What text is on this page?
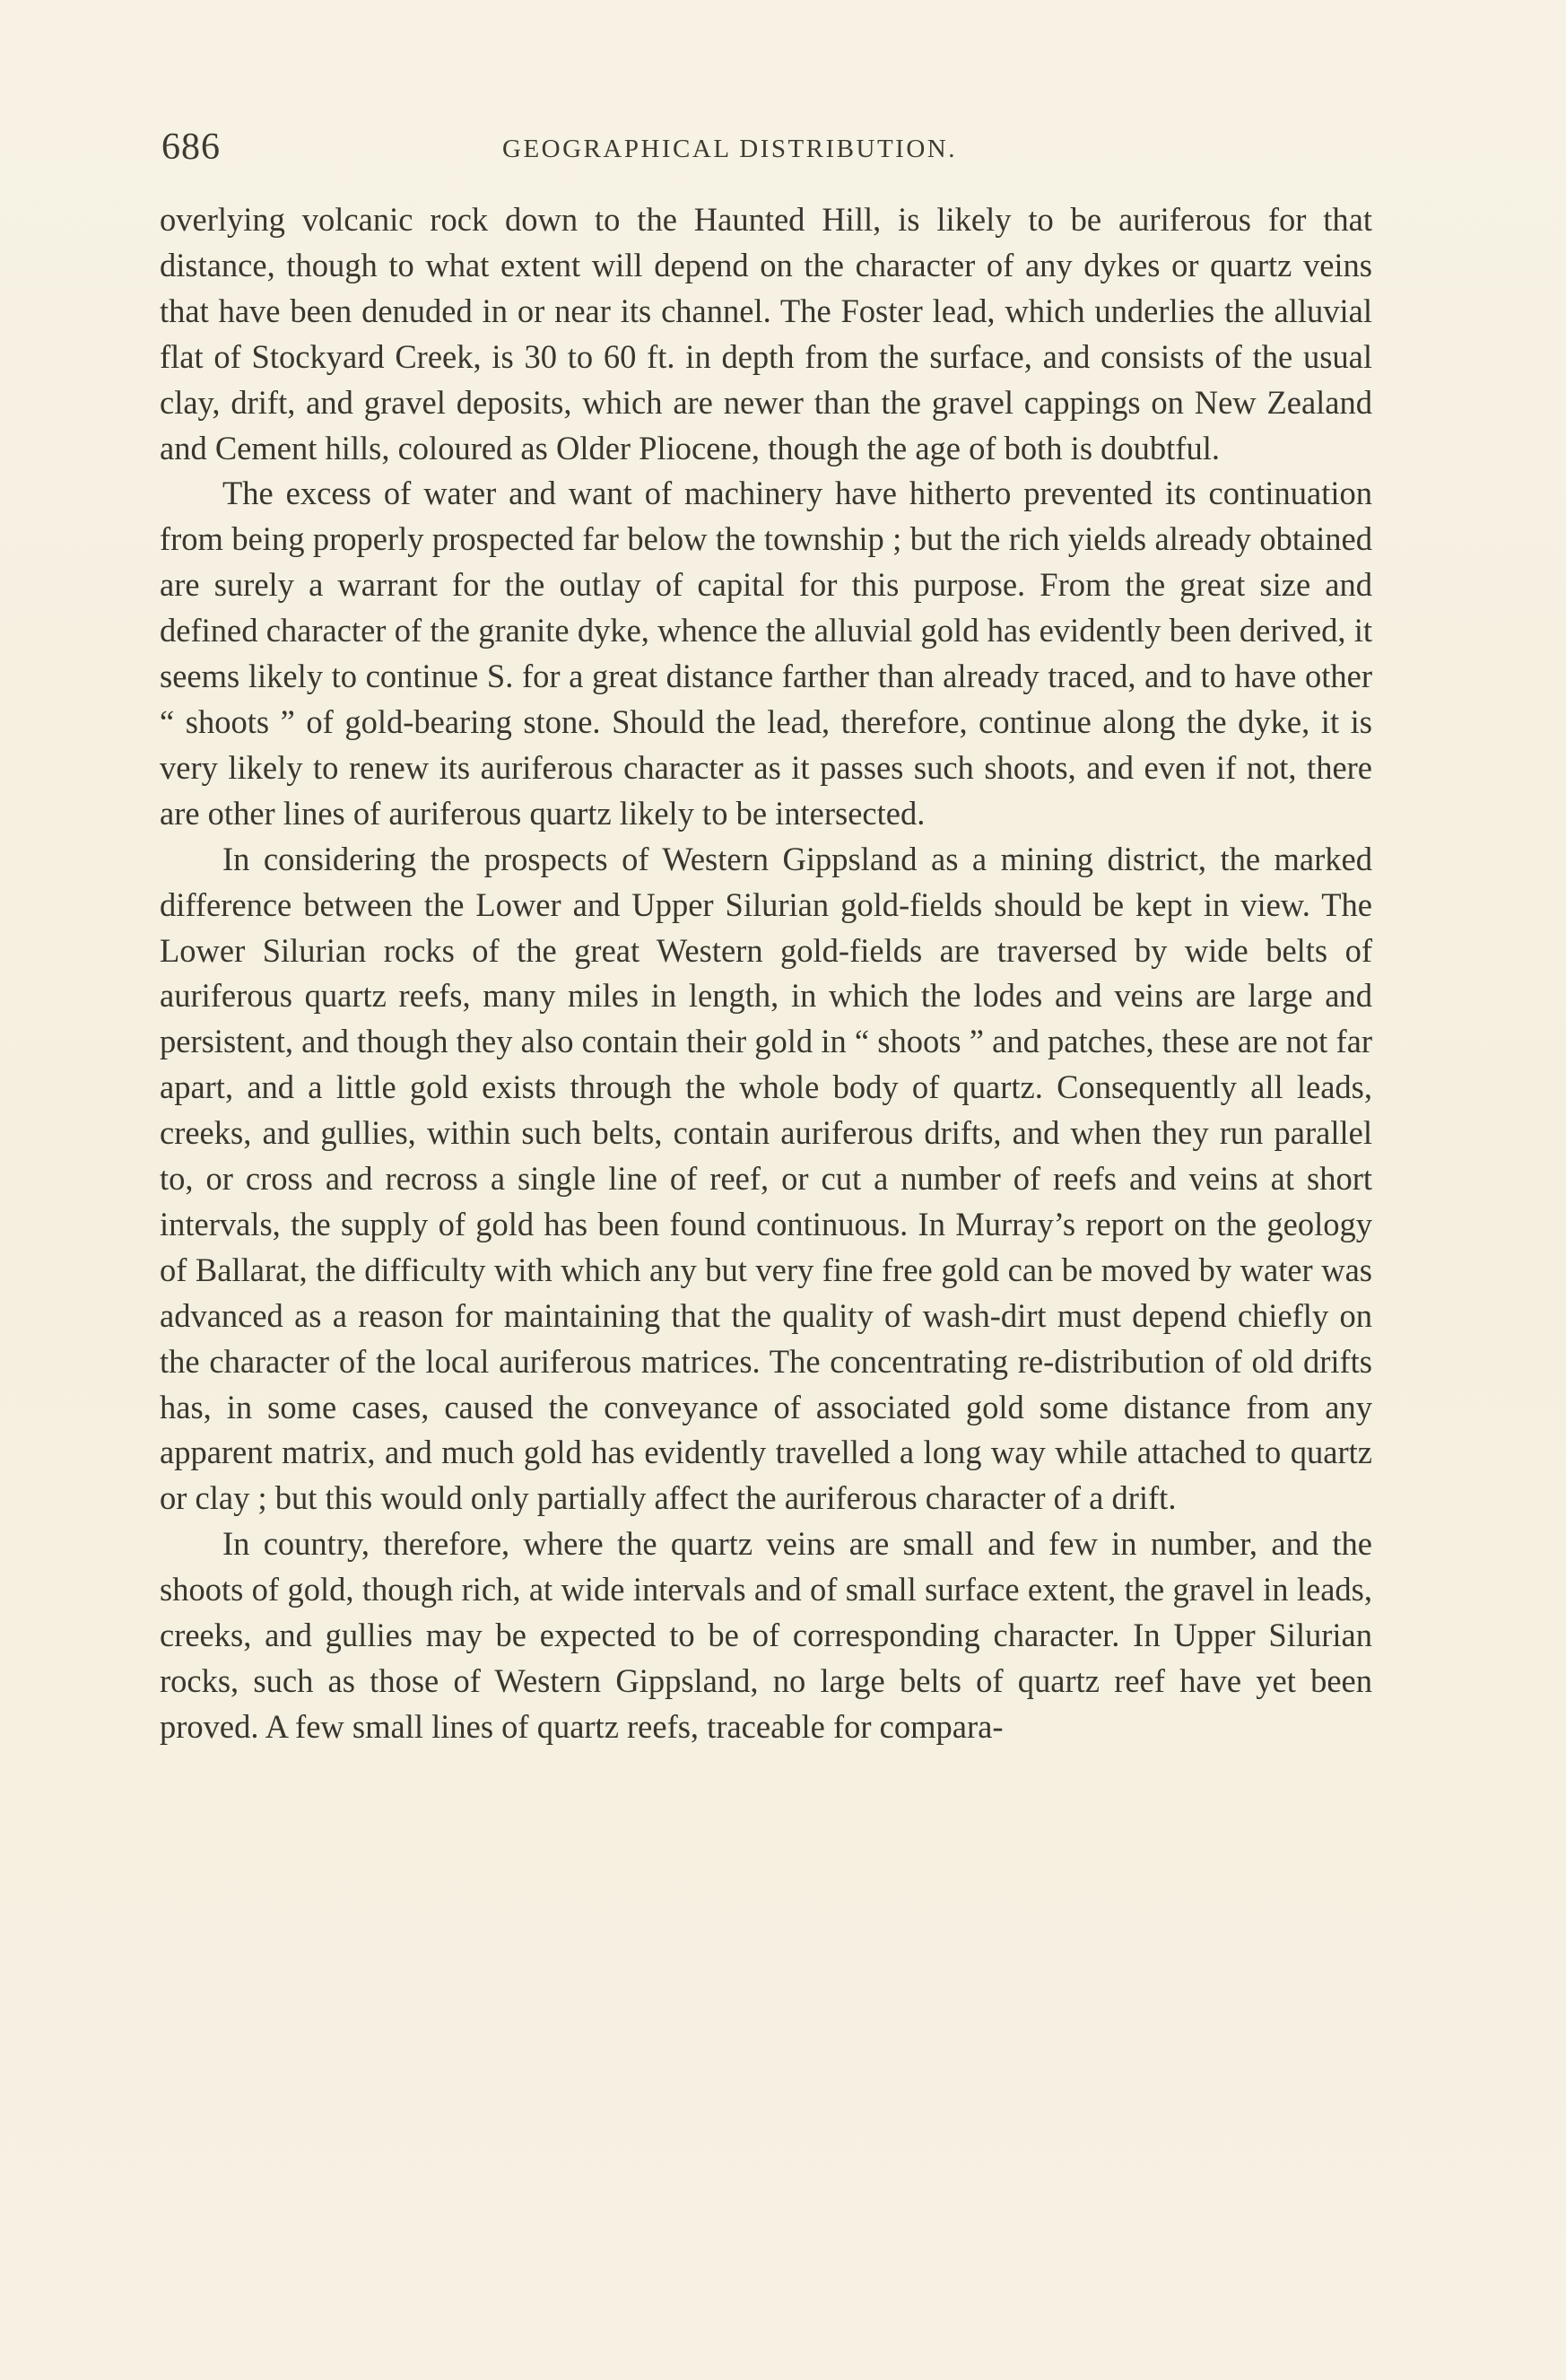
686	GEOGRAPHICAL DISTRIBUTION.

overlying volcanic rock down to the Haunted Hill, is likely to be auriferous for that distance, though to what extent will depend on the character of any dykes or quartz veins that have been denuded in or near its channel. The Foster lead, which underlies the alluvial flat of Stockyard Creek, is 30 to 60 ft. in depth from the surface, and consists of the usual clay, drift, and gravel deposits, which are newer than the gravel cappings on New Zealand and Cement hills, coloured as Older Pliocene, though the age of both is doubtful.

The excess of water and want of machinery have hitherto prevented its continuation from being properly prospected far below the township ; but the rich yields already obtained are surely a warrant for the outlay of capital for this purpose. From the great size and defined character of the granite dyke, whence the alluvial gold has evidently been derived, it seems likely to continue S. for a great distance farther than already traced, and to have other “ shoots ” of gold-bearing stone. Should the lead, therefore, continue along the dyke, it is very likely to renew its auriferous character as it passes such shoots, and even if not, there are other lines of auriferous quartz likely to be intersected.

In considering the prospects of Western Gippsland as a mining district, the marked difference between the Lower and Upper Silurian gold-fields should be kept in view. The Lower Silurian rocks of the great Western gold-fields are traversed by wide belts of auriferous quartz reefs, many miles in length, in which the lodes and veins are large and persistent, and though they also contain their gold in “ shoots ” and patches, these are not far apart, and a little gold exists through the whole body of quartz. Consequently all leads, creeks, and gullies, within such belts, contain auriferous drifts, and when they run parallel to, or cross and recross a single line of reef, or cut a number of reefs and veins at short intervals, the supply of gold has been found continuous. In Murray’s report on the geology of Ballarat, the difficulty with which any but very fine free gold can be moved by water was advanced as a reason for maintaining that the quality of wash-dirt must depend chiefly on the character of the local auriferous matrices. The concentrating re-distribution of old drifts has, in some cases, caused the conveyance of associated gold some distance from any apparent matrix, and much gold has evidently travelled a long way while attached to quartz or clay ; but this would only partially affect the auriferous character of a drift.

In country, therefore, where the quartz veins are small and few in number, and the shoots of gold, though rich, at wide intervals and of small surface extent, the gravel in leads, creeks, and gullies may be expected to be of corresponding character. In Upper Silurian rocks, such as those of Western Gippsland, no large belts of quartz reef have yet been proved. A few small lines of quartz reefs, traceable for compara-
